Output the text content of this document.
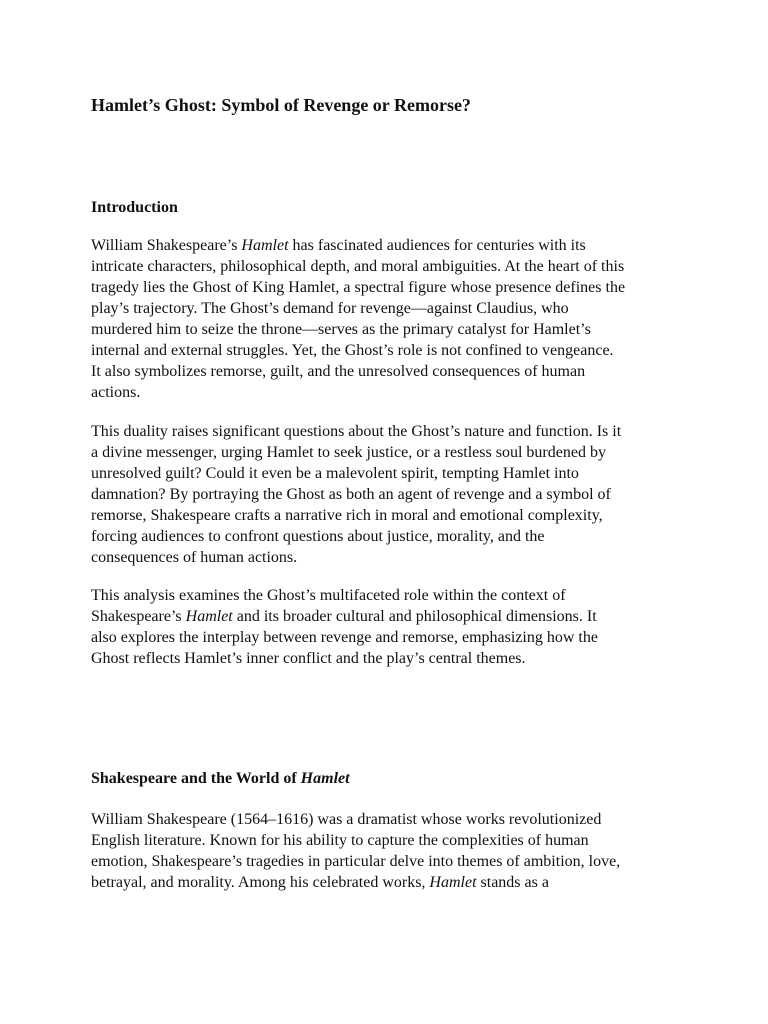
Hamlet’s Ghost: Symbol of Revenge or Remorse?
Introduction

William Shakespeare’s Hamlet has fascinated audiences for centuries with its
intricate characters, philosophical depth, and moral ambiguities. At the heart of this
tragedy lies the Ghost of King Hamlet, a spectral figure whose presence defines the
play’s trajectory. The Ghost’s demand for revenge—against Claudius, who
murdered him to seize the throne—serves as the primary catalyst for Hamlet’s
internal and external struggles. Yet, the Ghost’s role is not confined to vengeance.
It also symbolizes remorse, guilt, and the unresolved consequences of human
actions.

This duality raises significant questions about the Ghost’s nature and function. Is it
a divine messenger, urging Hamlet to seek justice, or a restless soul burdened by
unresolved guilt? Could it even be a malevolent spirit, tempting Hamlet into
damnation? By portraying the Ghost as both an agent of revenge and a symbol of
remorse, Shakespeare crafts a narrative rich in moral and emotional complexity,
forcing audiences to confront questions about justice, morality, and the
consequences of human actions.

This analysis examines the Ghost’s multifaceted role within the context of
Shakespeare’s Hamlet and its broader cultural and philosophical dimensions. It
also explores the interplay between revenge and remorse, emphasizing how the
Ghost reflects Hamlet’s inner conflict and the play’s central themes.

Shakespeare and the World of Hamlet

William Shakespeare (1564–1616) was a dramatist whose works revolutionized
English literature. Known for his ability to capture the complexities of human
emotion, Shakespeare’s tragedies in particular delve into themes of ambition, love,
betrayal, and morality. Among his celebrated works, Hamlet stands as a
